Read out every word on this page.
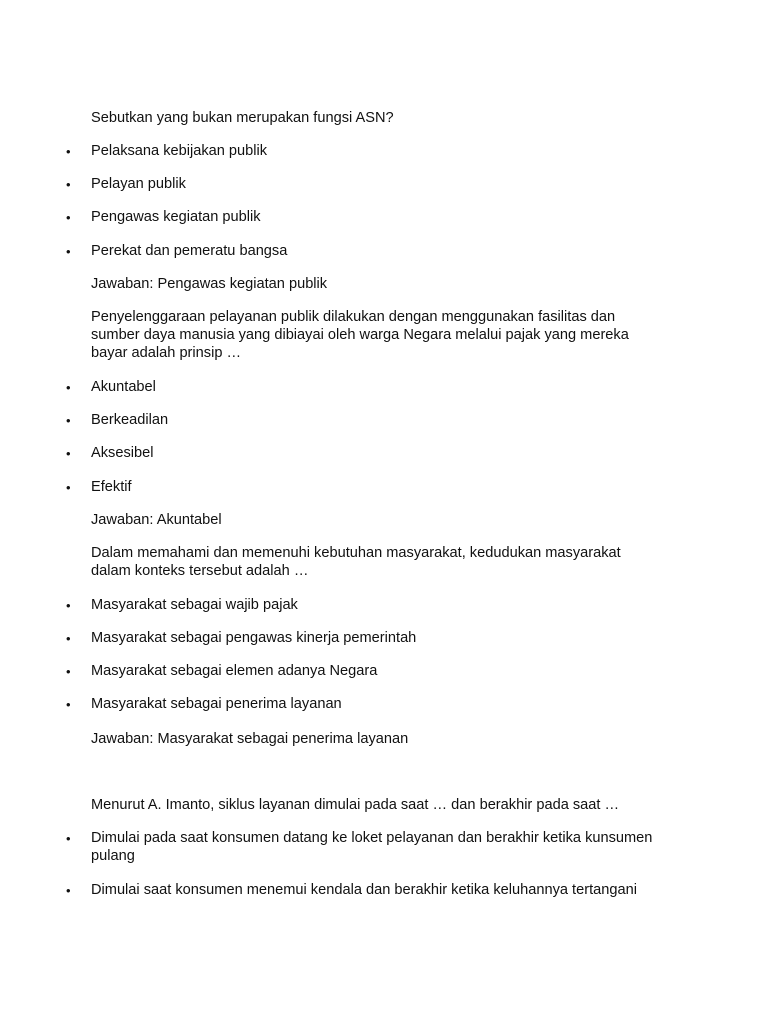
Sebutkan yang bukan merupakan fungsi ASN?
• Pelaksana kebijakan publik
• Pelayan publik
• Pengawas kegiatan publik
• Perekat dan pemeratu bangsa
Jawaban: Pengawas kegiatan publik
Penyelenggaraan pelayanan publik dilakukan dengan menggunakan fasilitas dan sumber daya manusia yang dibiayai oleh warga Negara melalui pajak yang mereka bayar adalah prinsip …
• Akuntabel
• Berkeadilan
• Aksesibel
• Efektif
Jawaban: Akuntabel
Dalam memahami dan memenuhi kebutuhan masyarakat, kedudukan masyarakat dalam konteks tersebut adalah …
• Masyarakat sebagai wajib pajak
• Masyarakat sebagai pengawas kinerja pemerintah
• Masyarakat sebagai elemen adanya Negara
• Masyarakat sebagai penerima layanan
Jawaban: Masyarakat sebagai penerima layanan
Menurut A. Imanto, siklus layanan dimulai pada saat … dan berakhir pada saat …
• Dimulai pada saat konsumen datang ke loket pelayanan dan berakhir ketika kunsumen pulang
• Dimulai saat konsumen menemui kendala dan berakhir ketika keluhannya tertangani
